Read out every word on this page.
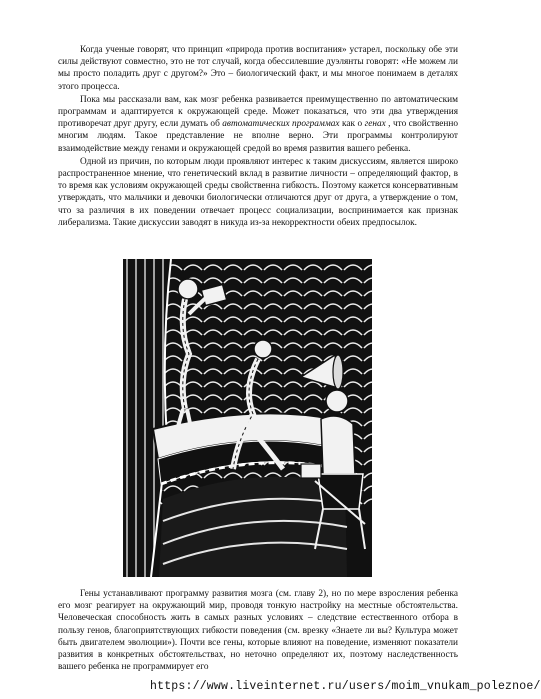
Когда ученые говорят, что принцип «природа против воспитания» устарел, поскольку обе эти силы действуют совместно, это не тот случай, когда обессилевшие дуэлянты говорят: «Не можем ли мы просто поладить друг с другом?» Это – биологический факт, и мы многое понимаем в деталях этого процесса.

Пока мы рассказали вам, как мозг ребенка развивается преимущественно по автоматическим программам и адаптируется к окружающей среде. Может показаться, что эти два утверждения противоречат друг другу, если думать об автоматических программах как о генах , что свойственно многим людям. Такое представление не вполне верно. Эти программы контролируют взаимодействие между генами и окружающей средой во время развития вашего ребенка.

Одной из причин, по которым люди проявляют интерес к таким дискуссиям, является широко распространенное мнение, что генетический вклад в развитие личности – определяющий фактор, в то время как условиям окружающей среды свойственна гибкость. Поэтому кажется консервативным утверждать, что мальчики и девочки биологически отличаются друг от друга, а утверждение о том, что за различия в их поведении отвечает процесс социализации, воспринимается как признак либерализма. Такие дискуссии заводят в никуда из-за некорректности обеих предпосылок.

Гены устанавливают программу развития мозга (см. главу 2), но по мере взросления ребенка его мозг реагирует на окружающий мир, проводя тонкую настройку на местные обстоятельства. Человеческая способность жить в самых разных условиях – следствие естественного отбора в пользу генов, благоприятствующих гибкости поведения (см. врезку «Знаете ли вы? Культура может быть двигателем эволюции»). Почти все гены, которые влияют на поведение, изменяют показатели развития в конкретных обстоятельствах, но неточно определяют их, поэтому наследственность вашего ребенка не программирует его

https://www.liveinternet.ru/users/moim_vnukam_poleznoe/
